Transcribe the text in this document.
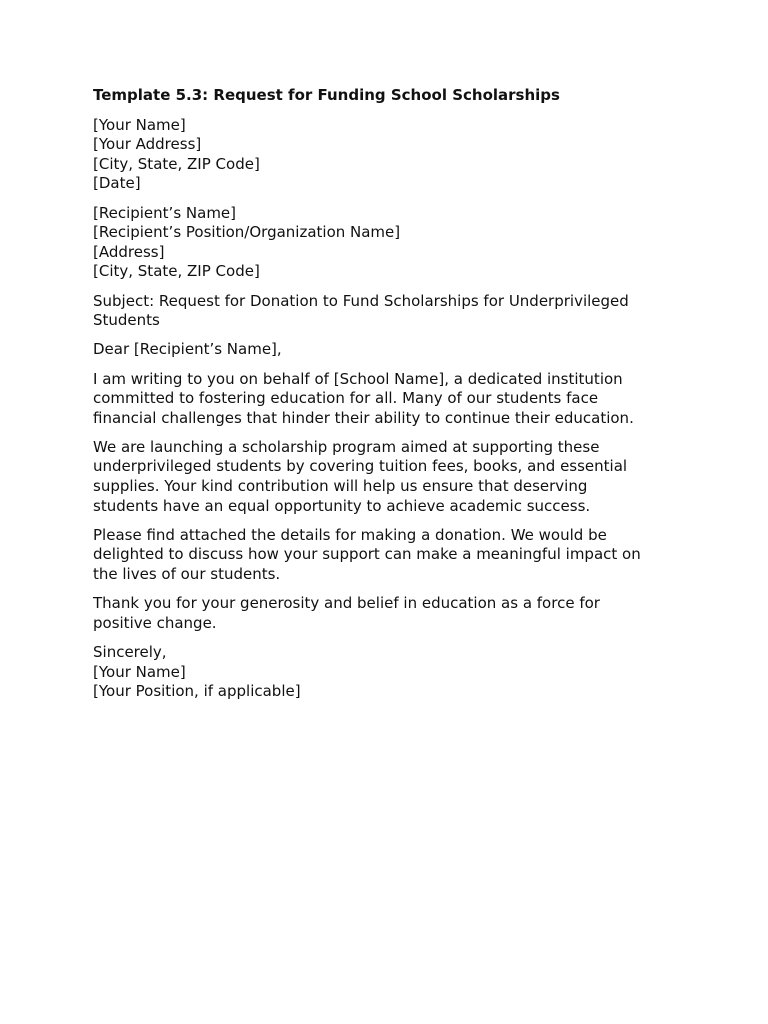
Template 5.3: Request for Funding School Scholarships
[Your Name]
[Your Address]
[City, State, ZIP Code]
[Date]
[Recipient’s Name]
[Recipient’s Position/Organization Name]
[Address]
[City, State, ZIP Code]
Subject: Request for Donation to Fund Scholarships for Underprivileged
Students
Dear [Recipient’s Name],
I am writing to you on behalf of [School Name], a dedicated institution
committed to fostering education for all. Many of our students face
financial challenges that hinder their ability to continue their education.
We are launching a scholarship program aimed at supporting these
underprivileged students by covering tuition fees, books, and essential
supplies. Your kind contribution will help us ensure that deserving
students have an equal opportunity to achieve academic success.
Please find attached the details for making a donation. We would be
delighted to discuss how your support can make a meaningful impact on
the lives of our students.
Thank you for your generosity and belief in education as a force for
positive change.
Sincerely,
[Your Name]
[Your Position, if applicable]
